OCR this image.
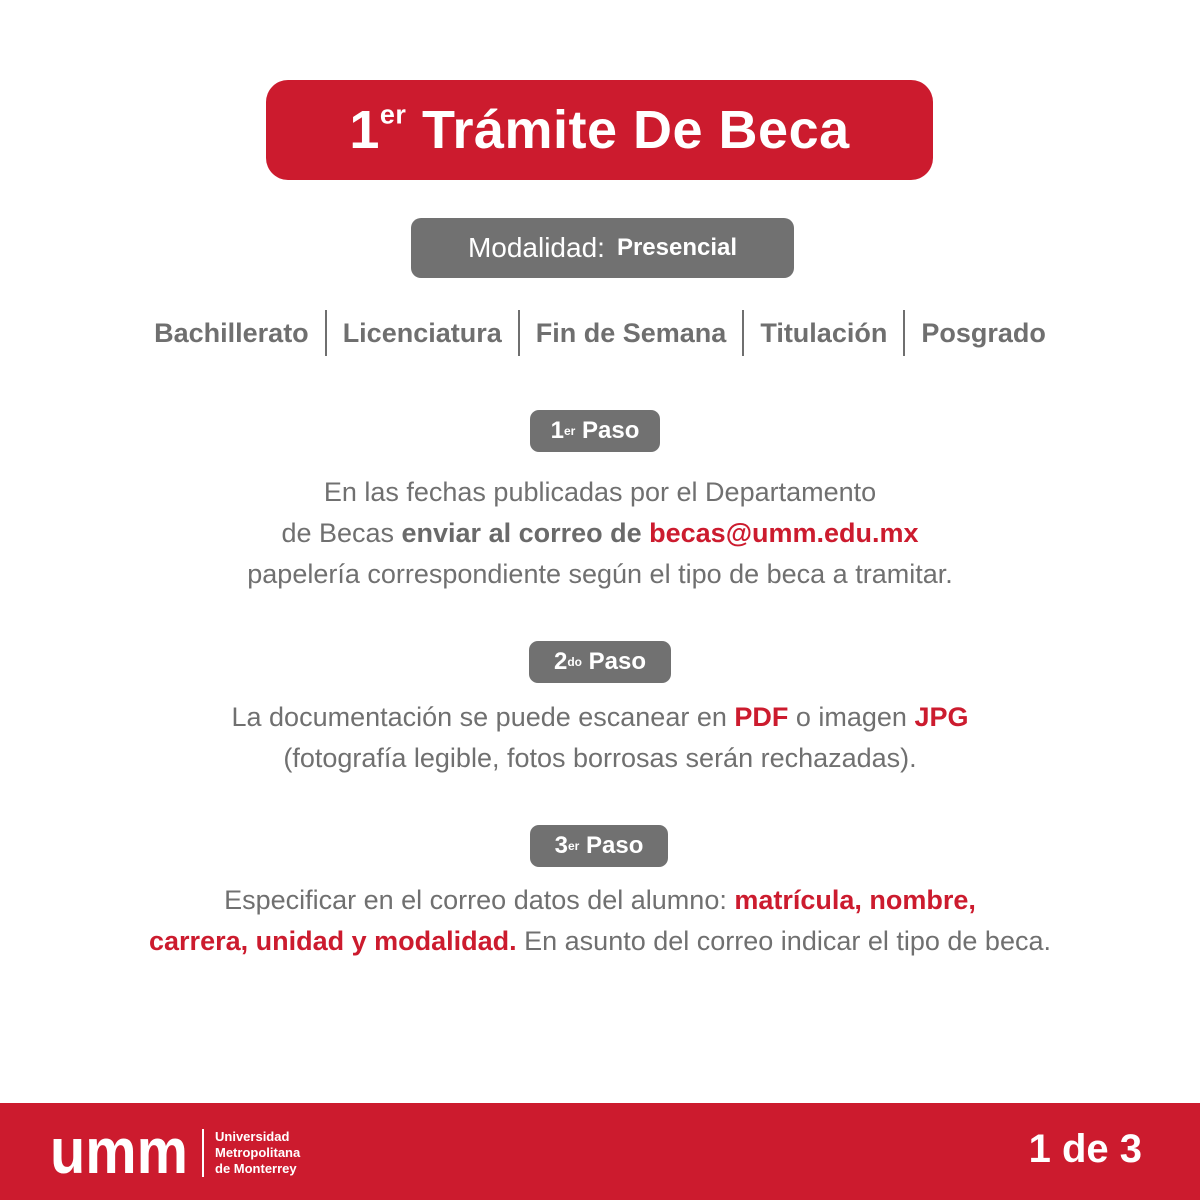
1er Trámite De Beca
Modalidad: Presencial
Bachillerato	Licenciatura	Fin de Semana	Titulación	Posgrado
1 er
Paso
En las fechas publicadas por el Departamento
de Becas enviar al correo de becas@umm.edu.mx
papelería correspondiente según el tipo de beca a tramitar.
2 do
Paso
La documentación se puede escanear en PDF o imagen JPG
(fotografía legible, fotos borrosas serán rechazadas).
3 er
Paso
Especificar en el correo datos del alumno: matrícula, nombre,
carrera, unidad y modalidad. En asunto del correo indicar el tipo de beca.
umm Universidad
Metropolitana
de Monterrey	1 de 3
